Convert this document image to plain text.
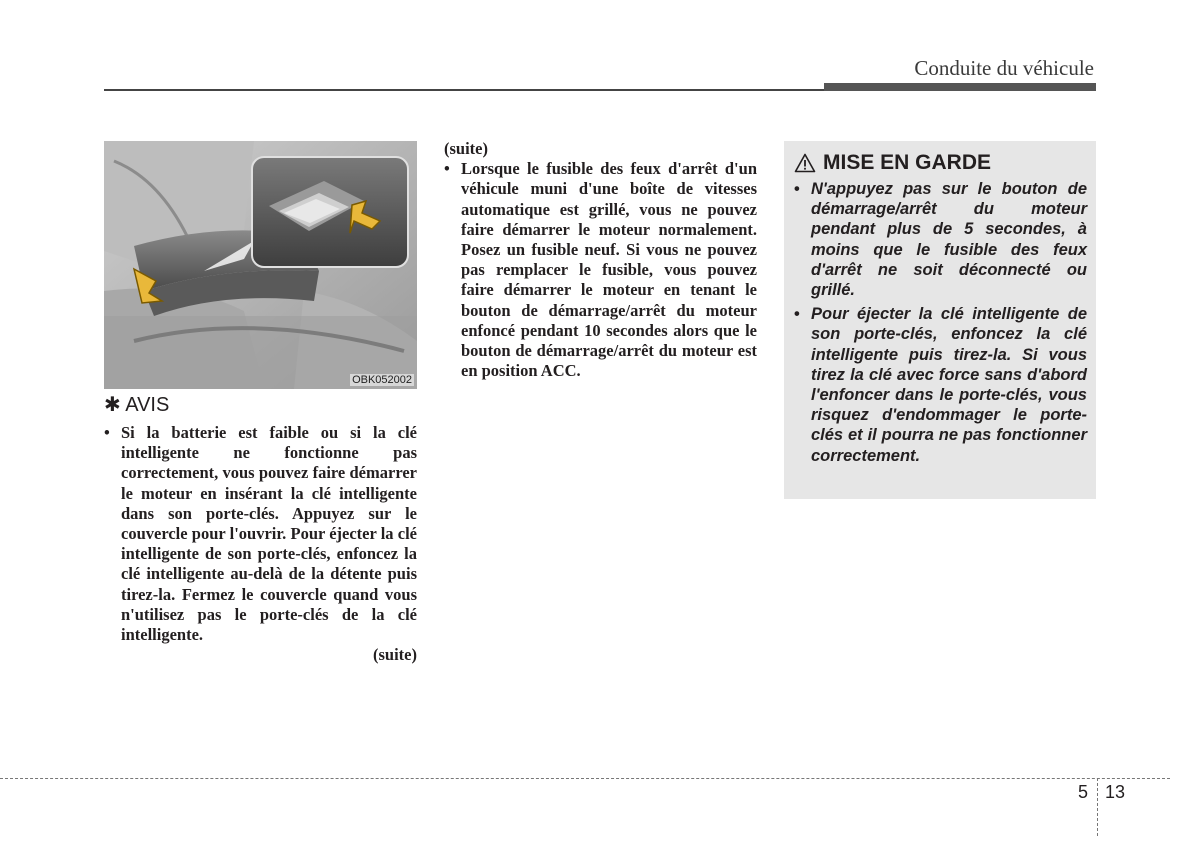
Conduite du véhicule
OBK052002
✱ AVIS

• Si la batterie est faible ou si la clé intelligente ne fonctionne pas correctement, vous pouvez faire démarrer le moteur en insérant la clé intelligente dans son porte-clés. Appuyez sur le couvercle pour l'ouvrir. Pour éjecter la clé intelligente de son porte-clés, enfoncez la clé intelligente au-delà de la détente puis tirez-la. Fermez le couvercle quand vous n'utilisez pas le porte-clés de la clé intelligente.

(suite)

(suite)

• Lorsque le fusible des feux d'arrêt d'un véhicule muni d'une boîte de vitesses automatique est grillé, vous ne pouvez faire démarrer le moteur normalement. Posez un fusible neuf. Si vous ne pouvez pas remplacer le fusible, vous pouvez faire démarrer le moteur en tenant le bouton de démarrage/arrêt du moteur enfoncé pendant 10 secondes alors que le bouton de démarrage/arrêt du moteur est en position ACC.

MISE EN GARDE

• N'appuyez pas sur le bouton de démarrage/arrêt du moteur pendant plus de 5 secondes, à moins que le fusible des feux d'arrêt ne soit déconnecté ou grillé.

• Pour éjecter la clé intelligente de son porte-clés, enfoncez la clé intelligente puis tirez-la. Si vous tirez la clé avec force sans d'abord l'enfoncer dans le porte-clés, vous risquez d'endommager le porte-clés et il pourra ne pas fonctionner correctement.

5 13
